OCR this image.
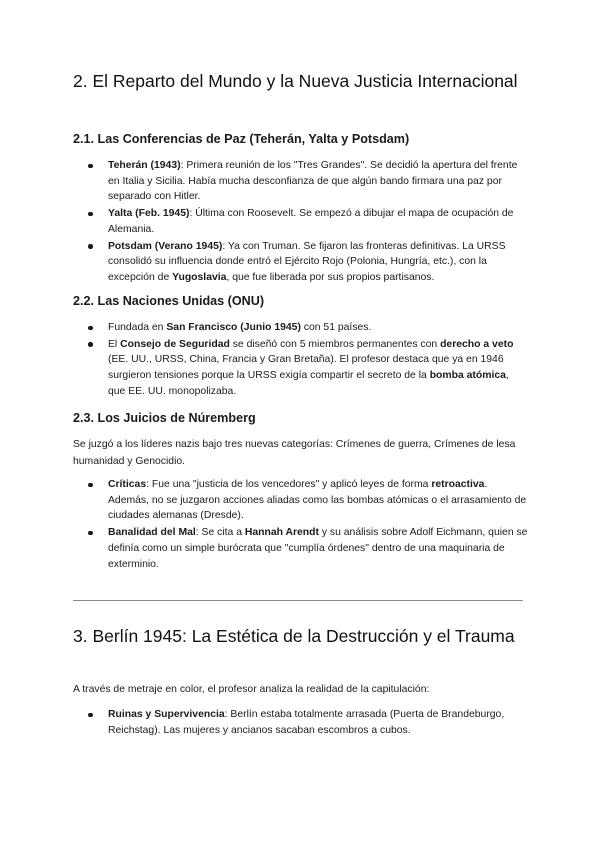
2. El Reparto del Mundo y la Nueva Justicia Internacional
2.1. Las Conferencias de Paz (Teherán, Yalta y Potsdam)
Teherán (1943): Primera reunión de los "Tres Grandes". Se decidió la apertura del frente en Italia y Sicilia. Había mucha desconfianza de que algún bando firmara una paz por separado con Hitler.
Yalta (Feb. 1945): Última con Roosevelt. Se empezó a dibujar el mapa de ocupación de Alemania.
Potsdam (Verano 1945): Ya con Truman. Se fijaron las fronteras definitivas. La URSS consolidó su influencia donde entró el Ejército Rojo (Polonia, Hungría, etc.), con la excepción de Yugoslavia, que fue liberada por sus propios partisanos.
2.2. Las Naciones Unidas (ONU)
Fundada en San Francisco (Junio 1945) con 51 países.
El Consejo de Seguridad se diseñó con 5 miembros permanentes con derecho a veto (EE. UU., URSS, China, Francia y Gran Bretaña). El profesor destaca que ya en 1946 surgieron tensiones porque la URSS exigía compartir el secreto de la bomba atómica, que EE. UU. monopolizaba.
2.3. Los Juicios de Núremberg

Se juzgó a los líderes nazis bajo tres nuevas categorías: Crímenes de guerra, Crímenes de lesa humanidad y Genocidio.

Críticas: Fue una "justicia de los vencedores" y aplicó leyes de forma retroactiva. Además, no se juzgaron acciones aliadas como las bombas atómicas o el arrasamiento de ciudades alemanas (Dresde).
Banalidad del Mal: Se cita a Hannah Arendt y su análisis sobre Adolf Eichmann, quien se definía como un simple burócrata que "cumplía órdenes" dentro de una maquinaria de exterminio.
3. Berlín 1945: La Estética de la Destrucción y el Trauma

A través de metraje en color, el profesor analiza la realidad de la capitulación:

Ruinas y Supervivencia: Berlín estaba totalmente arrasada (Puerta de Brandeburgo, Reichstag). Las mujeres y ancianos sacaban escombros a cubos.
